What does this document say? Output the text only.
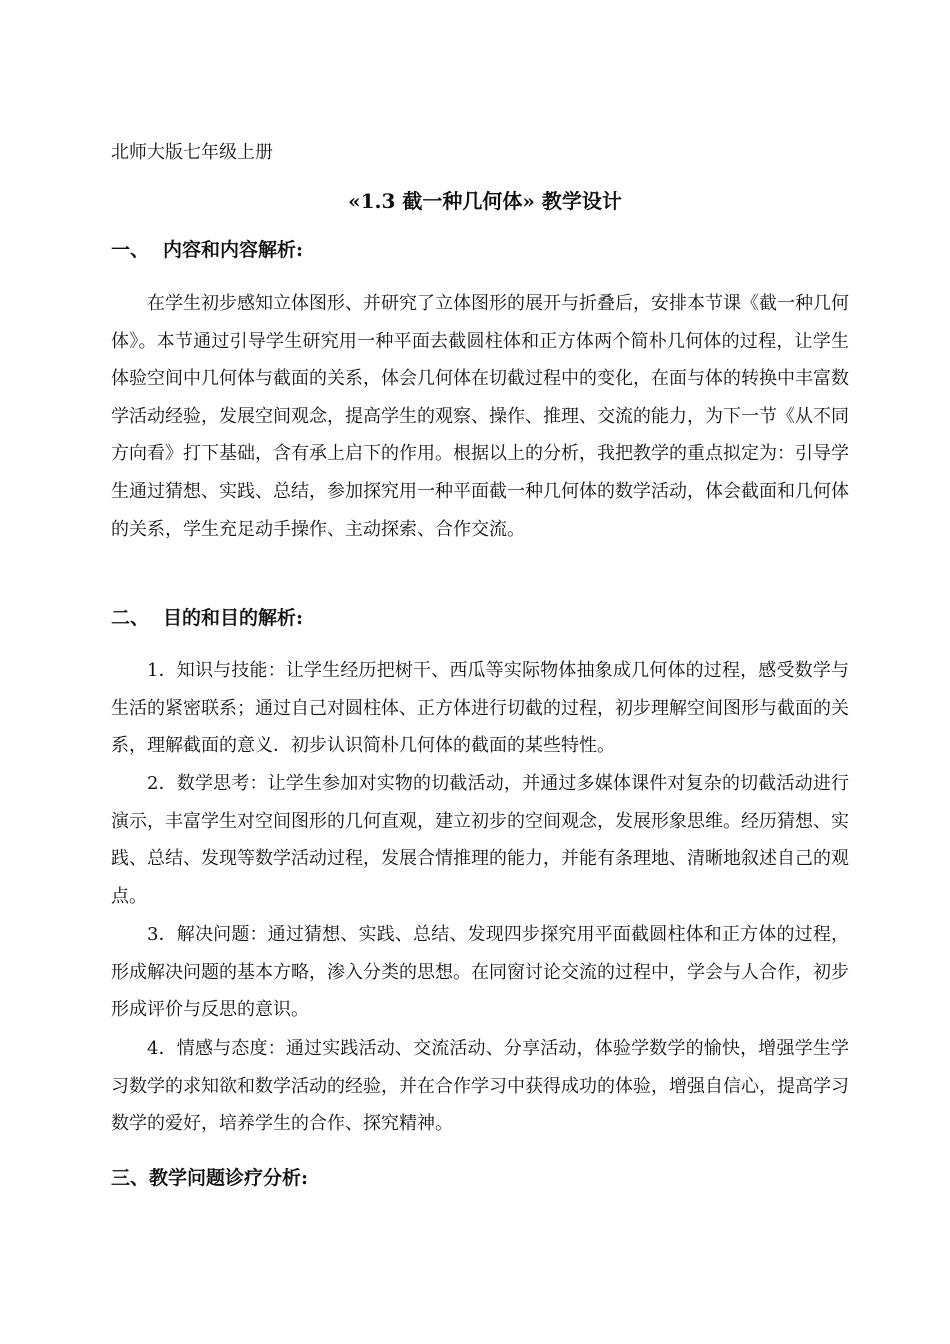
北师大版七年级上册
«1.3 截一种几何体» 教学设计
一、 内容和内容解析:

在学生初步感知立体图形、并研究了立体图形的展开与折叠后，安排本节课《截一种几何体》。本节通过引导学生研究用一种平面去截圆柱体和正方体两个简朴几何体的过程，让学生体验空间中几何体与截面的关系，体会几何体在切截过程中的变化，在面与体的转换中丰富数学活动经验，发展空间观念，提高学生的观察、操作、推理、交流的能力，为下一节《从不同方向看》打下基础，含有承上启下的作用。根据以上的分析，我把教学的重点拟定为：引导学生通过猜想、实践、总结，参加探究用一种平面截一种几何体的数学活动，体会截面和几何体的关系，学生充足动手操作、主动探索、合作交流。

二、 目的和目的解析:

1．知识与技能：让学生经历把树干、西瓜等实际物体抽象成几何体的过程，感受数学与生活的紧密联系；通过自己对圆柱体、正方体进行切截的过程，初步理解空间图形与截面的关系，理解截面的意义．初步认识简朴几何体的截面的某些特性。

2．数学思考：让学生参加对实物的切截活动，并通过多媒体课件对复杂的切截活动进行演示，丰富学生对空间图形的几何直观，建立初步的空间观念，发展形象思维。经历猜想、实践、总结、发现等数学活动过程，发展合情推理的能力，并能有条理地、清晰地叙述自己的观点。

3．解决问题：通过猜想、实践、总结、发现四步探究用平面截圆柱体和正方体的过程，形成解决问题的基本方略，渗入分类的思想。在同窗讨论交流的过程中，学会与人合作，初步形成评价与反思的意识。

4．情感与态度：通过实践活动、交流活动、分享活动，体验学数学的愉快，增强学生学习数学的求知欲和数学活动的经验，并在合作学习中获得成功的体验，增强自信心，提高学习数学的爱好，培养学生的合作、探究精神。

三、教学问题诊疗分析:
